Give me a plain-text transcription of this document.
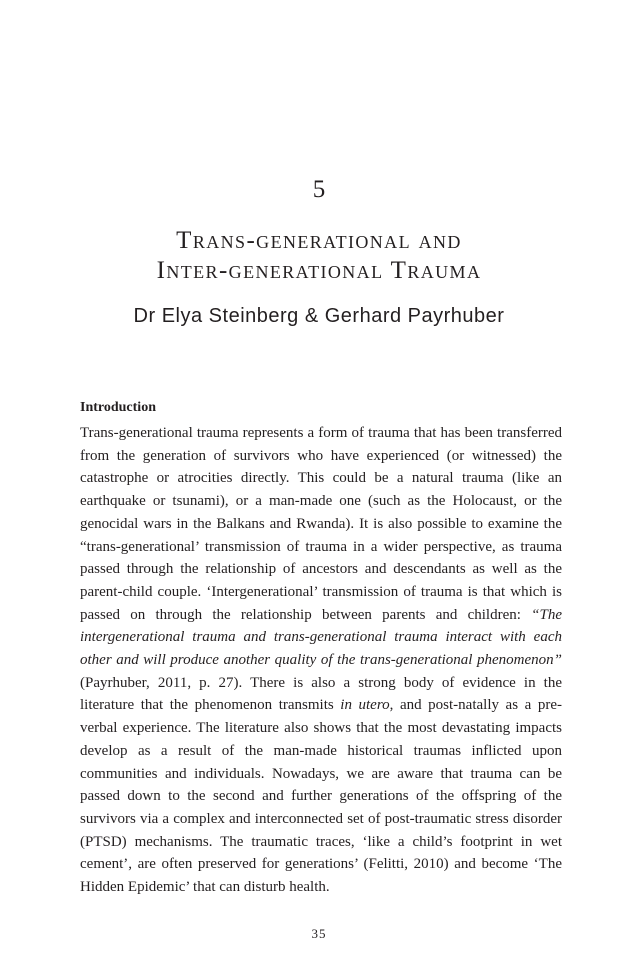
5
Trans-generational and
Inter-generational Trauma
Dr Elya Steinberg & Gerhard Payrhuber
Introduction

Trans-generational trauma represents a form of trauma that has been transferred from the generation of survivors who have experienced (or witnessed) the catastrophe or atrocities directly. This could be a natural trauma (like an earthquake or tsunami), or a man-made one (such as the Holocaust, or the genocidal wars in the Balkans and Rwanda). It is also possible to examine the “trans-generational’ transmission of trauma in a wider perspective, as trauma passed through the relationship of ancestors and descendants as well as the parent-child couple. ‘Intergenerational’ transmission of trauma is that which is passed on through the relationship between parents and children: “The intergenerational trauma and trans-generational trauma interact with each other and will produce another quality of the trans-generational phenomenon” (Payrhuber, 2011, p. 27). There is also a strong body of evidence in the literature that the phenomenon transmits in utero, and post-natally as a pre-verbal experience. The literature also shows that the most devastating impacts develop as a result of the man-made historical traumas inflicted upon communities and individuals. Nowadays, we are aware that trauma can be passed down to the second and further generations of the offspring of the survivors via a complex and interconnected set of post-traumatic stress disorder (PTSD) mechanisms. The traumatic traces, ‘like a child’s footprint in wet cement’, are often preserved for generations’ (Felitti, 2010) and become ‘The Hidden Epidemic’ that can disturb health.

35
